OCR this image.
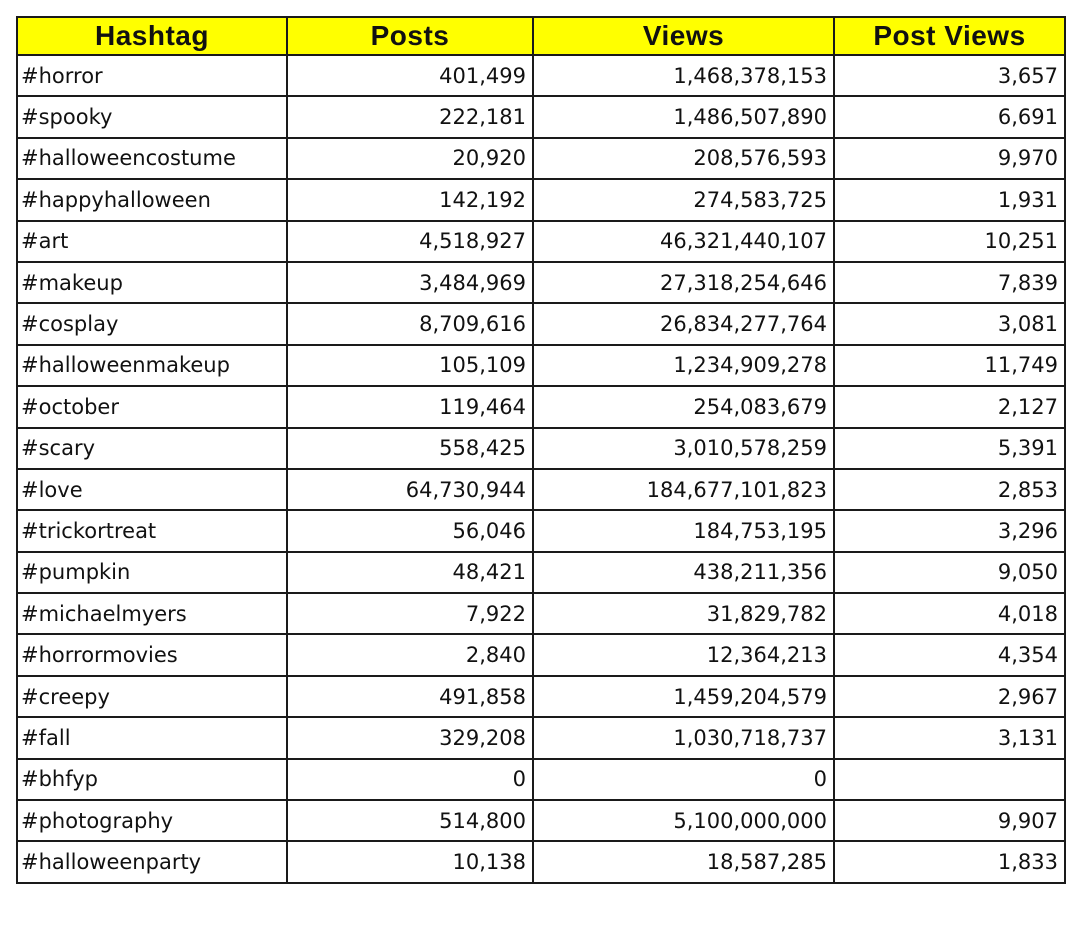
Hashtag	Posts	Views	Post Views
#horror	401,499	1,468,378,153	3,657
#spooky	222,181	1,486,507,890	6,691
#halloweencostume	20,920	208,576,593	9,970
#happyhalloween	142,192	274,583,725	1,931
#art	4,518,927	46,321,440,107	10,251
#makeup	3,484,969	27,318,254,646	7,839
#cosplay	8,709,616	26,834,277,764	3,081
#halloweenmakeup	105,109	1,234,909,278	11,749
#october	119,464	254,083,679	2,127
#scary	558,425	3,010,578,259	5,391
#love	64,730,944	184,677,101,823	2,853
#trickortreat	56,046	184,753,195	3,296
#pumpkin	48,421	438,211,356	9,050
#michaelmyers	7,922	31,829,782	4,018
#horrormovies	2,840	12,364,213	4,354
#creepy	491,858	1,459,204,579	2,967
#fall	329,208	1,030,718,737	3,131
#bhfyp	0	0	
#photography	514,800	5,100,000,000	9,907
#halloweenparty	10,138	18,587,285	1,833
